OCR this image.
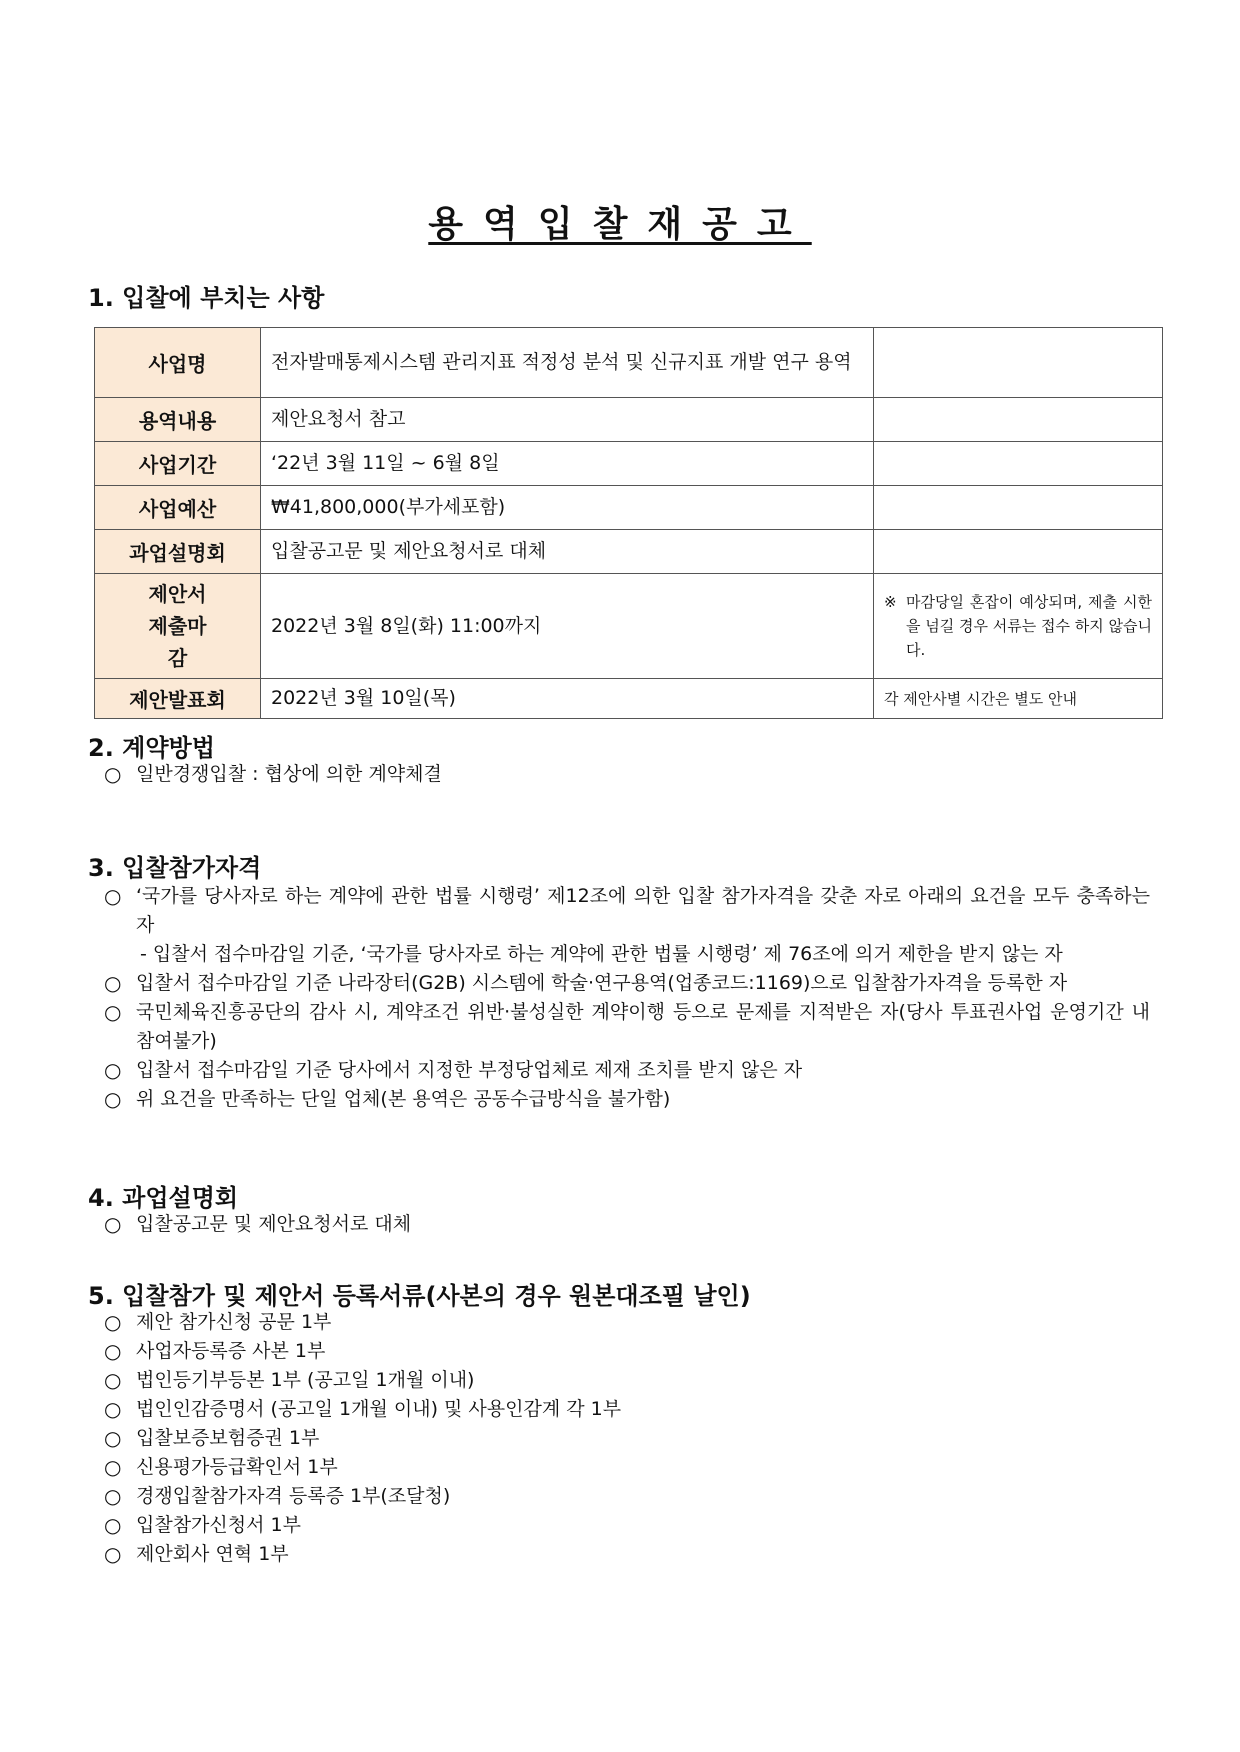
용역입찰재공고
1. 입찰에 부치는 사항
사업명	전자발매통제시스템 관리지표 적정성 분석 및 신규지표 개발 연구 용역	
용역내용	제안요청서 참고	
사업기간	‘22년 3월 11일 ~ 6월 8일	
사업예산	₩41,800,000(부가세포함)	
과업설명회	입찰공고문 및 제안요청서로 대체	
제안서 제출마감	2022년 3월 8일(화) 11:00까지	※ 마감당일 혼잡이 예상되며, 제출 시한을 넘길 경우 서류는 접수 하지 않습니다.

제안발표회	2022년 3월 10일(목)	각 제안사별 시간은 별도 안내
2. 계약방법
○ 일반경쟁입찰 : 협상에 의한 계약체결
3. 입찰참가자격
○ ‘국가를 당사자로 하는 계약에 관한 법률 시행령’ 제12조에 의한 입찰 참가자격을 갖춘 자로 아래의 요건을 모두 충족하는 자
- 입찰서 접수마감일 기준, ‘국가를 당사자로 하는 계약에 관한 법률 시행령’ 제 76조에 의거 제한을 받지 않는 자
○ 입찰서 접수마감일 기준 나라장터(G2B) 시스템에 학술·연구용역(업종코드:1169)으로 입찰참가자격을 등록한 자
○ 국민체육진흥공단의 감사 시, 계약조건 위반·불성실한 계약이행 등으로 문제를 지적받은 자(당사 투표권사업 운영기간 내 참여불가)
○ 입찰서 접수마감일 기준 당사에서 지정한 부정당업체로 제재 조치를 받지 않은 자
○ 위 요건을 만족하는 단일 업체(본 용역은 공동수급방식을 불가함)
4. 과업설명회
○ 입찰공고문 및 제안요청서로 대체
5. 입찰참가 및 제안서 등록서류(사본의 경우 원본대조필 날인)
○ 제안 참가신청 공문 1부
○ 사업자등록증 사본 1부
○ 법인등기부등본 1부 (공고일 1개월 이내)
○ 법인인감증명서 (공고일 1개월 이내) 및 사용인감계 각 1부
○ 입찰보증보험증권 1부
○ 신용평가등급확인서 1부
○ 경쟁입찰참가자격 등록증 1부(조달청)
○ 입찰참가신청서 1부
○ 제안회사 연혁 1부
